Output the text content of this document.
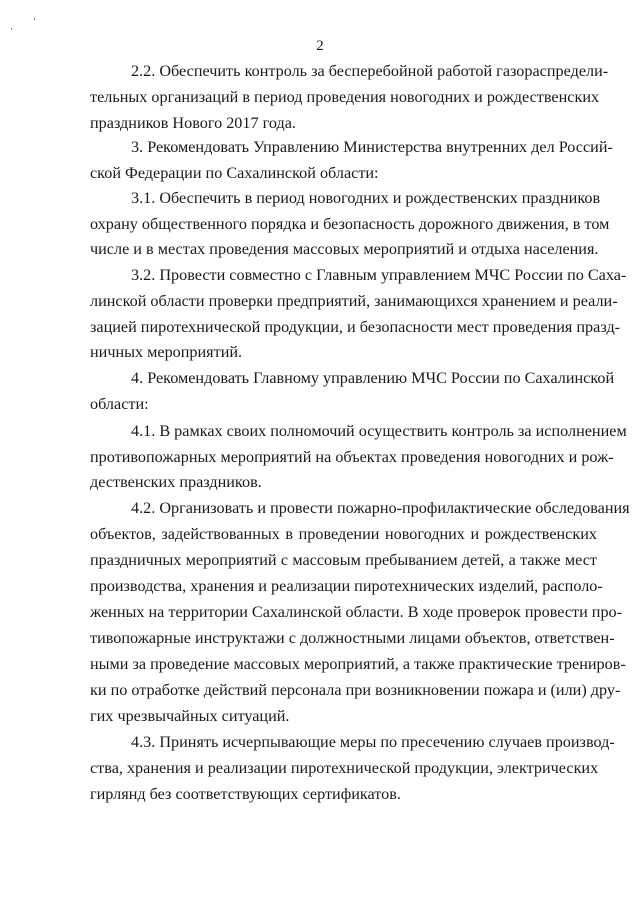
2
2.2. Обеспечить контроль за бесперебойной работой газораспредели-
тельных организаций в период проведения новогодних и рождественских
праздников Нового 2017 года.
3. Рекомендовать Управлению Министерства внутренних дел Россий-
ской Федерации по Сахалинской области:
3.1. Обеспечить в период новогодних и рождественских праздников
охрану общественного порядка и безопасность дорожного движения, в том
числе и в местах проведения массовых мероприятий и отдыха населения.
3.2. Провести совместно с Главным управлением МЧС России по Саха-
линской области проверки предприятий, занимающихся хранением и реали-
зацией пиротехнической продукции, и безопасности мест проведения празд-
ничных мероприятий.
4. Рекомендовать Главному управлению МЧС России по Сахалинской
области:
4.1. В рамках своих полномочий осуществить контроль за исполнением
противопожарных мероприятий на объектах проведения новогодних и рож-
дественских праздников.
4.2. Организовать и провести пожарно-профилактические обследования
объектов, задействованных в проведении новогодних и рождественских
праздничных мероприятий с массовым пребыванием детей, а также мест
производства, хранения и реализации пиротехнических изделий, располо-
женных на территории Сахалинской области. В ходе проверок провести про-
тивопожарные инструктажи с должностными лицами объектов, ответствен-
ными за проведение массовых мероприятий, а также практические трениров-
ки по отработке действий персонала при возникновении пожара и (или) дру-
гих чрезвычайных ситуаций.
4.3. Принять исчерпывающие меры по пресечению случаев производ-
ства, хранения и реализации пиротехнической продукции, электрических
гирлянд без соответствующих сертификатов.
